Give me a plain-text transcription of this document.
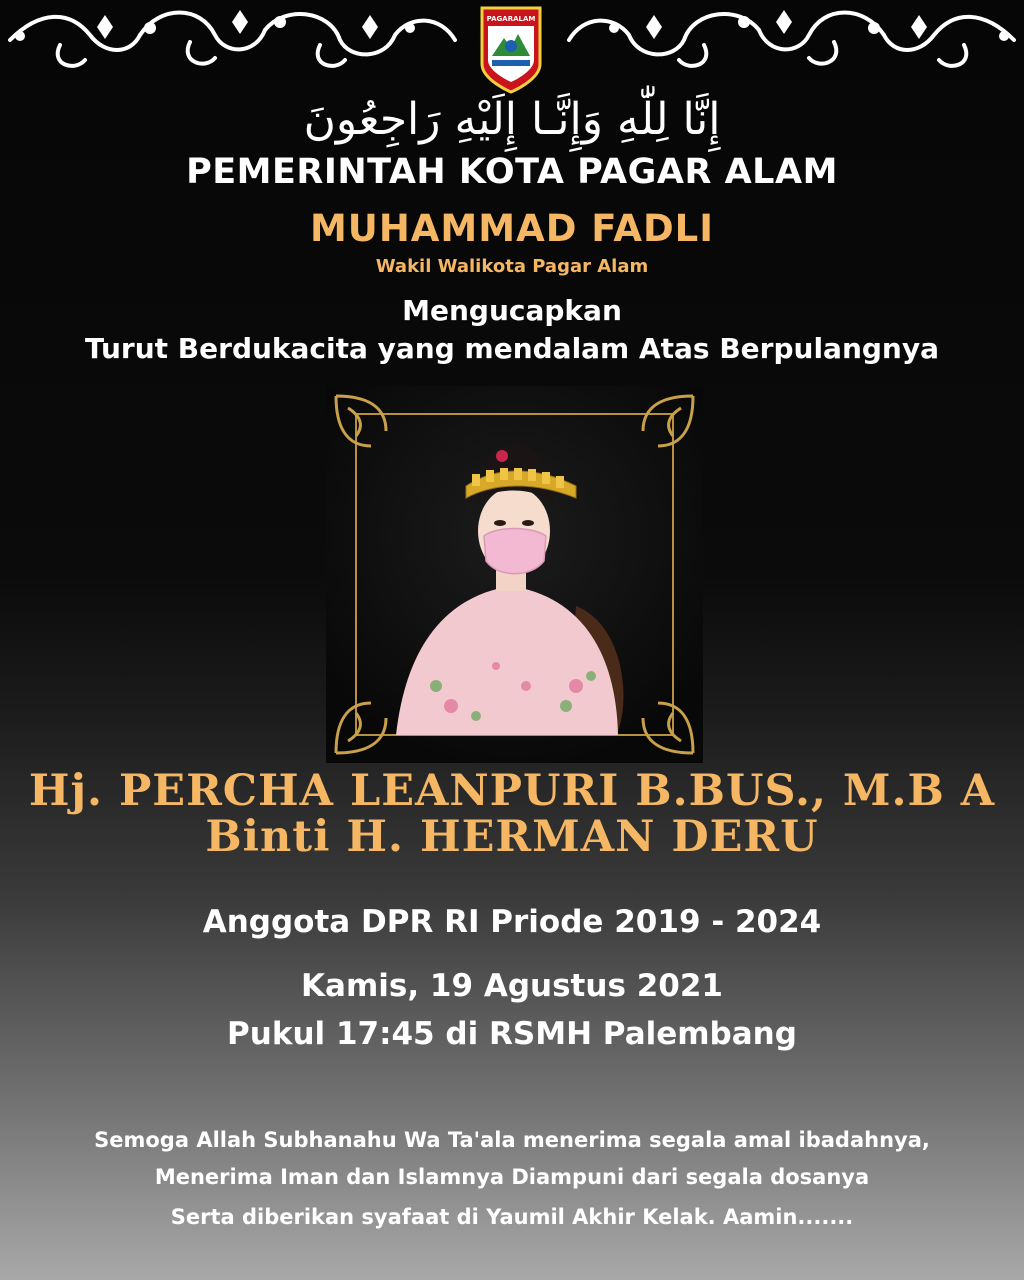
PAGARALAM
إِنَّا لِلّٰهِ وَإِنَّـا إِلَيْهِ رَاجِعُونَ
PEMERINTAH KOTA PAGAR ALAM
MUHAMMAD FADLI
Wakil Walikota Pagar Alam
Mengucapkan
Turut Berdukacita yang mendalam Atas Berpulangnya
Hj. PERCHA LEANPURI B.BUS., M.B A
Binti H. HERMAN DERU
Anggota DPR RI Priode 2019 - 2024
Kamis, 19 Agustus 2021
Pukul 17:45 di RSMH Palembang
Semoga Allah Subhanahu Wa Ta'ala menerima segala amal ibadahnya,
Menerima Iman dan Islamnya Diampuni dari segala dosanya
Serta diberikan syafaat di Yaumil Akhir Kelak. Aamin.......
